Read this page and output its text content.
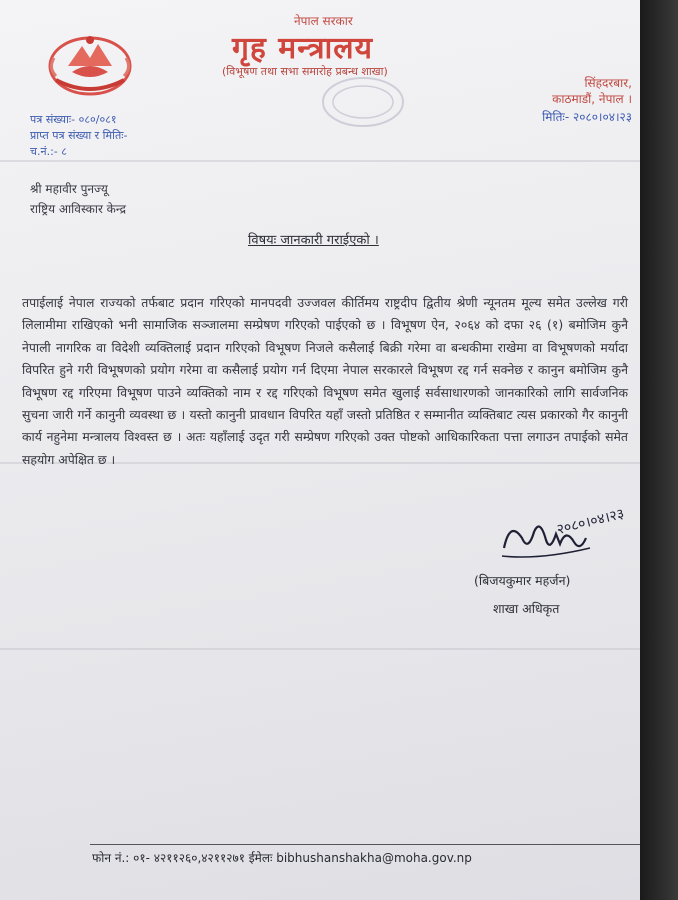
नेपाल सरकार
गृह मन्त्रालय
(विभूषण तथा सभा समारोह प्रबन्ध शाखा)
सिंहदरबार,
काठमाडौं, नेपाल ।
मितिः- २०८०।०४।२३
पत्र संख्याः- ०८०/०८१
प्राप्त पत्र संख्या र मितिः-
च.नं.:- ८
श्री महावीर पुनज्यू
राष्ट्रिय आविस्कार केन्द्र
विषयः जानकारी गराईएको ।
तपाईलाई नेपाल राज्यको तर्फबाट प्रदान गरिएको मानपदवी उज्जवल कीर्तिमय राष्ट्रदीप द्वितीय श्रेणी न्यूनतम मूल्य समेत उल्लेख गरी लिलामीमा राखिएको भनी सामाजिक सञ्जालमा सम्प्रेषण गरिएको पाईएको छ । विभूषण ऐन, २०६४ को दफा २६ (१) बमोजिम कुनै नेपाली नागरिक वा विदेशी व्यक्तिलाई प्रदान गरिएको विभूषण निजले कसैलाई बिक्री गरेमा वा बन्धकीमा राखेमा वा विभूषणको मर्यादा विपरित हुने गरी विभूषणको प्रयोग गरेमा वा कसैलाई प्रयोग गर्न दिएमा नेपाल सरकारले विभूषण रद्द गर्न सक्नेछ र कानुन बमोजिम कुनै विभूषण रद्द गरिएमा विभूषण पाउने व्यक्तिको नाम र रद्द गरिएको विभूषण समेत खुलाई सर्वसाधारणको जानकारिको लागि सार्वजनिक सुचना जारी गर्ने कानुनी व्यवस्था छ । यस्तो कानुनी प्रावधान विपरित यहाँ जस्तो प्रतिष्ठित र सम्मानीत व्यक्तिबाट त्यस प्रकारको गैर कानुनी कार्य नहुनेमा मन्त्रालय विश्वस्त छ । अतः यहाँलाई उदृत गरी सम्प्रेषण गरिएको उक्त पोष्टको आधिकारिकता पत्ता लगाउन तपाईको समेत सहयोग अपेक्षित छ ।
२०८०।०४।२३
(बिजयकुमार महर्जन)
शाखा अधिकृत
फोन नं.: ०१- ४२११२६०,४२११२७१ ईमेलः bibhushanshakha@moha.gov.np
